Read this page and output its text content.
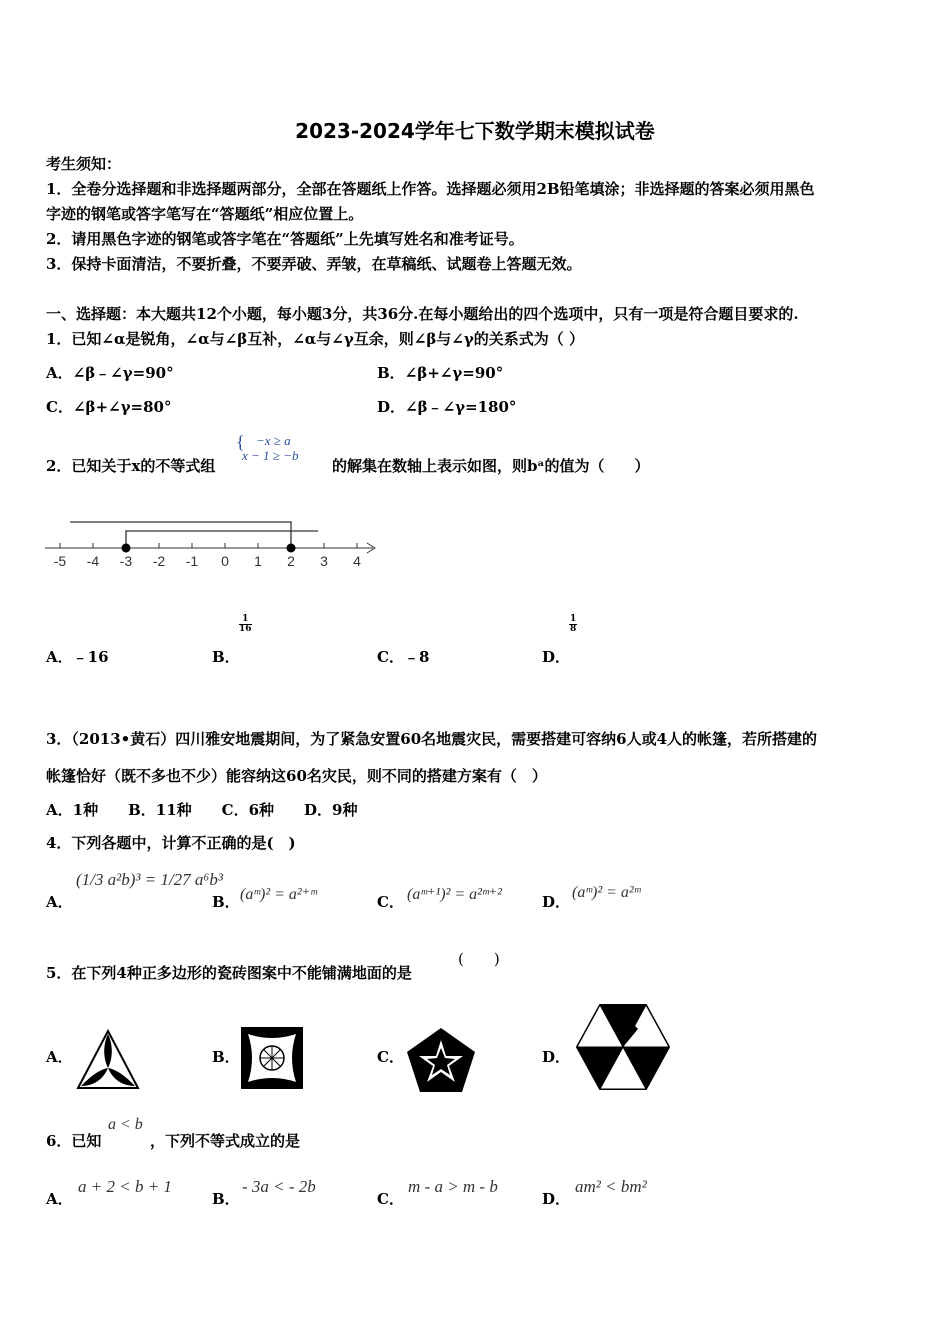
2023-2024学年七下数学期末模拟试卷
考生须知：
1．全卷分选择题和非选择题两部分，全部在答题纸上作答。选择题必须用2B铅笔填涂；非选择题的答案必须用黑色
字迹的钢笔或答字笔写在“答题纸”相应位置上。
2．请用黑色字迹的钢笔或答字笔在“答题纸”上先填写姓名和准考证号。
3．保持卡面清洁，不要折叠，不要弄破、弄皱，在草稿纸、试题卷上答题无效。
一、选择题：本大题共12个小题，每小题3分，共36分.在每小题给出的四个选项中，只有一项是符合题目要求的.
1．已知∠α是锐角，∠α与∠β互补，∠α与∠γ互余，则∠β与∠γ的关系式为（ ）
A．∠β﹣∠γ=90°	B．∠β+∠γ=90°
C．∠β+∠γ=80°	D．∠β﹣∠γ=180°
2．已知关于x的不等式组
{ −x ≥ a
x − 1 ≥ −b
的解集在数轴上表示如图，则bᵃ的值为（　　）
-5 -4 -3 -2 -1 0 1 2 3 4
A．﹣16	B．
$\frac{1}{16}$
C．﹣8	D．
$\frac{1}{8}$
3．（2013•黄石）四川雅安地震期间，为了紧急安置60名地震灾民，需要搭建可容纳6人或4人的帐篷，若所搭建的
帐篷恰好（既不多也不少）能容纳这60名灾民，则不同的搭建方案有（　）
A．1种　　B．11种　　C．6种　　D．9种
4．下列各题中，计算不正确的是(　)
A．
(1/3 a²b)³ = 1/27 a⁶b³
B． (aᵐ)² = a²⁺ᵐ	C． (aᵐ⁺¹)² = a²ᵐ⁺²	D．
(aᵐ)² = a²ᵐ
5．在下列4种正多边形的瓷砖图案中不能铺满地面的是
(　　)
A．	B．	C．	D．
6．已知
a < b
，下列不等式成立的是
A．
a + 2 < b + 1
B．
- 3a < - 2b
C．
m - a > m - b
D．
am² < bm²
